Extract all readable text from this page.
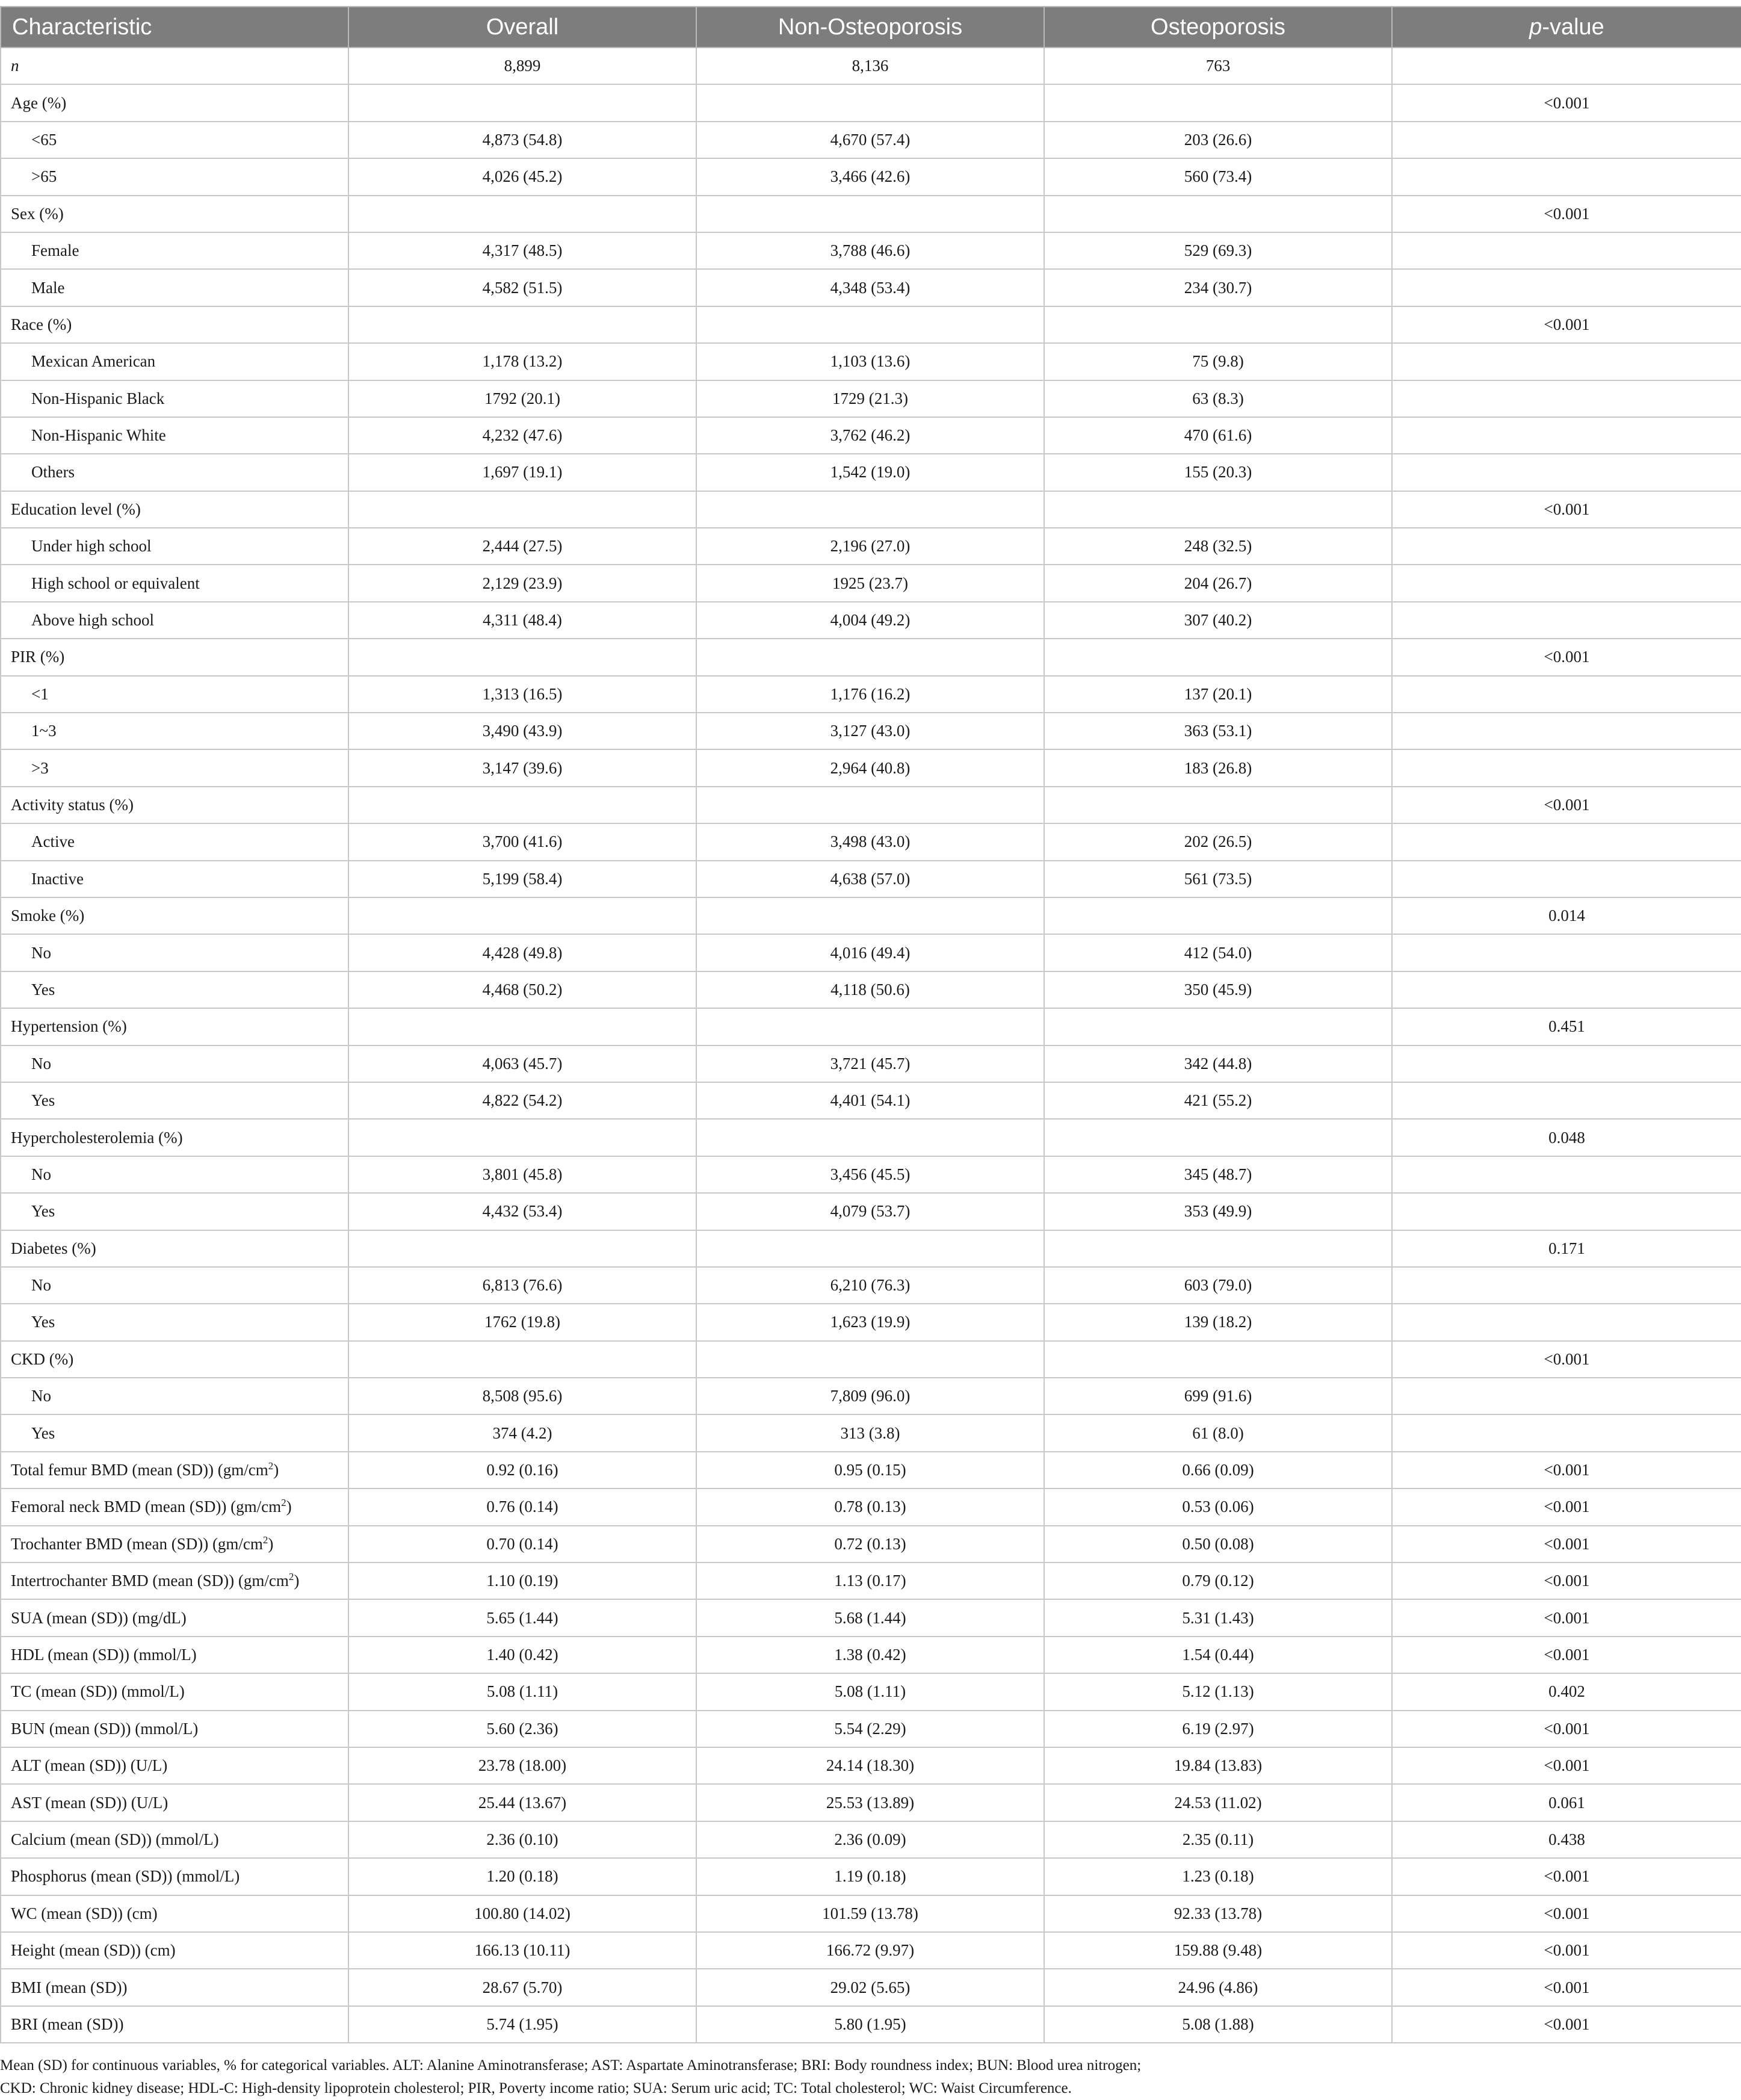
Characteristic	Overall	Non-Osteoporosis	Osteoporosis	p-value
n	8,899	8,136	763	
Age (%)				<0.001
<65	4,873 (54.8)	4,670 (57.4)	203 (26.6)	
>65	4,026 (45.2)	3,466 (42.6)	560 (73.4)	
Sex (%)				<0.001
Female	4,317 (48.5)	3,788 (46.6)	529 (69.3)	
Male	4,582 (51.5)	4,348 (53.4)	234 (30.7)	
Race (%)				<0.001
Mexican American	1,178 (13.2)	1,103 (13.6)	75 (9.8)	
Non-Hispanic Black	1792 (20.1)	1729 (21.3)	63 (8.3)	
Non-Hispanic White	4,232 (47.6)	3,762 (46.2)	470 (61.6)	
Others	1,697 (19.1)	1,542 (19.0)	155 (20.3)	
Education level (%)				<0.001
Under high school	2,444 (27.5)	2,196 (27.0)	248 (32.5)	
High school or equivalent	2,129 (23.9)	1925 (23.7)	204 (26.7)	
Above high school	4,311 (48.4)	4,004 (49.2)	307 (40.2)	
PIR (%)				<0.001
<1	1,313 (16.5)	1,176 (16.2)	137 (20.1)	
1~3	3,490 (43.9)	3,127 (43.0)	363 (53.1)	
>3	3,147 (39.6)	2,964 (40.8)	183 (26.8)	
Activity status (%)				<0.001
Active	3,700 (41.6)	3,498 (43.0)	202 (26.5)	
Inactive	5,199 (58.4)	4,638 (57.0)	561 (73.5)	
Smoke (%)				0.014
No	4,428 (49.8)	4,016 (49.4)	412 (54.0)	
Yes	4,468 (50.2)	4,118 (50.6)	350 (45.9)	
Hypertension (%)				0.451
No	4,063 (45.7)	3,721 (45.7)	342 (44.8)	
Yes	4,822 (54.2)	4,401 (54.1)	421 (55.2)	
Hypercholesterolemia (%)				0.048
No	3,801 (45.8)	3,456 (45.5)	345 (48.7)	
Yes	4,432 (53.4)	4,079 (53.7)	353 (49.9)	
Diabetes (%)				0.171
No	6,813 (76.6)	6,210 (76.3)	603 (79.0)	
Yes	1762 (19.8)	1,623 (19.9)	139 (18.2)	
CKD (%)				<0.001
No	8,508 (95.6)	7,809 (96.0)	699 (91.6)	
Yes	374 (4.2)	313 (3.8)	61 (8.0)	
Total femur BMD (mean (SD)) $(gm/cm^2)$	0.92 (0.16)	0.95 (0.15)	0.66 (0.09)	<0.001
Femoral neck BMD (mean (SD)) $(gm/cm^2)$	0.76 (0.14)	0.78 (0.13)	0.53 (0.06)	<0.001
Trochanter BMD (mean (SD)) $(gm/cm^2)$	0.70 (0.14)	0.72 (0.13)	0.50 (0.08)	<0.001
Intertrochanter BMD (mean (SD)) $(gm/cm^2)$	1.10 (0.19)	1.13 (0.17)	0.79 (0.12)	<0.001
SUA (mean (SD)) (mg/dL)	5.65 (1.44)	5.68 (1.44)	5.31 (1.43)	<0.001
HDL (mean (SD)) (mmol/L)	1.40 (0.42)	1.38 (0.42)	1.54 (0.44)	<0.001
TC (mean (SD)) (mmol/L)	5.08 (1.11)	5.08 (1.11)	5.12 (1.13)	0.402
BUN (mean (SD)) (mmol/L)	5.60 (2.36)	5.54 (2.29)	6.19 (2.97)	<0.001
ALT (mean (SD)) (U/L)	23.78 (18.00)	24.14 (18.30)	19.84 (13.83)	<0.001
AST (mean (SD)) (U/L)	25.44 (13.67)	25.53 (13.89)	24.53 (11.02)	0.061
Calcium (mean (SD)) (mmol/L)	2.36 (0.10)	2.36 (0.09)	2.35 (0.11)	0.438
Phosphorus (mean (SD)) (mmol/L)	1.20 (0.18)	1.19 (0.18)	1.23 (0.18)	<0.001
WC (mean (SD)) (cm)	100.80 (14.02)	101.59 (13.78)	92.33 (13.78)	<0.001
Height (mean (SD)) (cm)	166.13 (10.11)	166.72 (9.97)	159.88 (9.48)	<0.001
BMI (mean (SD))	28.67 (5.70)	29.02 (5.65)	24.96 (4.86)	<0.001
BRI (mean (SD))	5.74 (1.95)	5.80 (1.95)	5.08 (1.88)	<0.001
Mean (SD) for continuous variables, % for categorical variables. ALT: Alanine Aminotransferase; AST: Aspartate Aminotransferase; BRI: Body roundness index; BUN: Blood urea nitrogen;
CKD: Chronic kidney disease; HDL-C: High-density lipoprotein cholesterol; PIR, Poverty income ratio; SUA: Serum uric acid; TC: Total cholesterol; WC: Waist Circumference.
